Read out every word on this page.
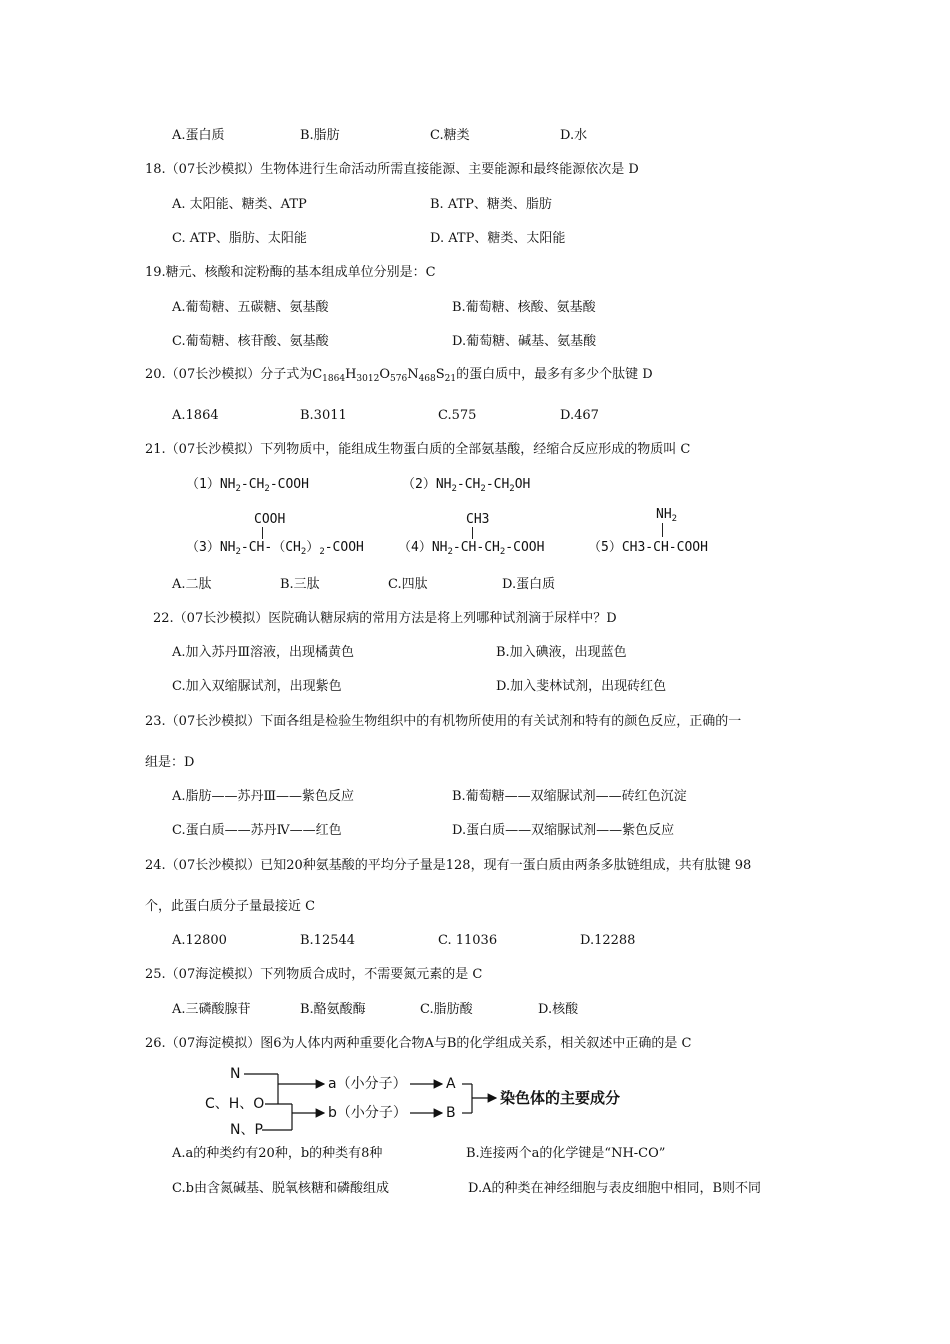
A.蛋白质	B.脂肪	C.糖类	D.水
18.（07长沙模拟）生物体进行生命活动所需直接能源、主要能源和最终能源依次是 D
A. 太阳能、糖类、ATP	B. ATP、糖类、脂肪
C. ATP、脂肪、太阳能	D. ATP、糖类、太阳能
19.糖元、核酸和淀粉酶的基本组成单位分别是：C
A.葡萄糖、五碳糖、氨基酸	B.葡萄糖、核酸、氨基酸
C.葡萄糖、核苷酸、氨基酸	D.葡萄糖、碱基、氨基酸
20.（07长沙模拟）分子式为$C_{1864}H_{3012}O_{576}N_{468}S_{21}$的蛋白质中，最多有多少个肽键 D
A.1864	B.3011	C.575	D.467
21.（07长沙模拟）下列物质中，能组成生物蛋白质的全部氨基酸，经缩合反应形成的物质叫 C
$(1)NH_2-CH_2$-COOH	$(2)NH_2-CH_2-CH_2OH$
COOH
$(3)NH_2-CH-(CH_2)_2$-COOH
CH3
$(4)NH_2-CH-CH_2$-COOH
$NH_2$
（5）CH3-CH-COOH
A.二肽	B.三肽	C.四肽	D.蛋白质
22.（07长沙模拟）医院确认糖尿病的常用方法是将上列哪种试剂滴于尿样中？D
A.加入苏丹Ⅲ溶液，出现橘黄色	B.加入碘液，出现蓝色
C.加入双缩脲试剂，出现紫色	D.加入斐林试剂，出现砖红色
23.（07长沙模拟）下面各组是检验生物组织中的有机物所使用的有关试剂和特有的颜色反应，正确的一
组是：D
A.脂肪——苏丹Ⅲ——紫色反应	B.葡萄糖——双缩脲试剂——砖红色沉淀
C.蛋白质——苏丹Ⅳ——红色	D.蛋白质——双缩脲试剂——紫色反应
24.（07长沙模拟）已知20种氨基酸的平均分子量是128，现有一蛋白质由两条多肽链组成，共有肽键 98
个，此蛋白质分子量最接近 C
A.12800	B.12544	C. 11036	D.12288
25.（07海淀模拟）下列物质合成时，不需要氮元素的是 C
A.三磷酸腺苷	B.酪氨酸酶	C.脂肪酸	D.核酸
26.（07海淀模拟）图6为人体内两种重要化合物A与B的化学组成关系，相关叙述中正确的是 C
N
C、H、O
N、P
a（小分子）
b（小分子）
A
B
染色体的主要成分
A.a的种类约有20种，b的种类有8种	B.连接两个a的化学键是“NH-CO”
C.b由含氮碱基、脱氧核糖和磷酸组成	D.A的种类在神经细胞与表皮细胞中相同，B则不同
